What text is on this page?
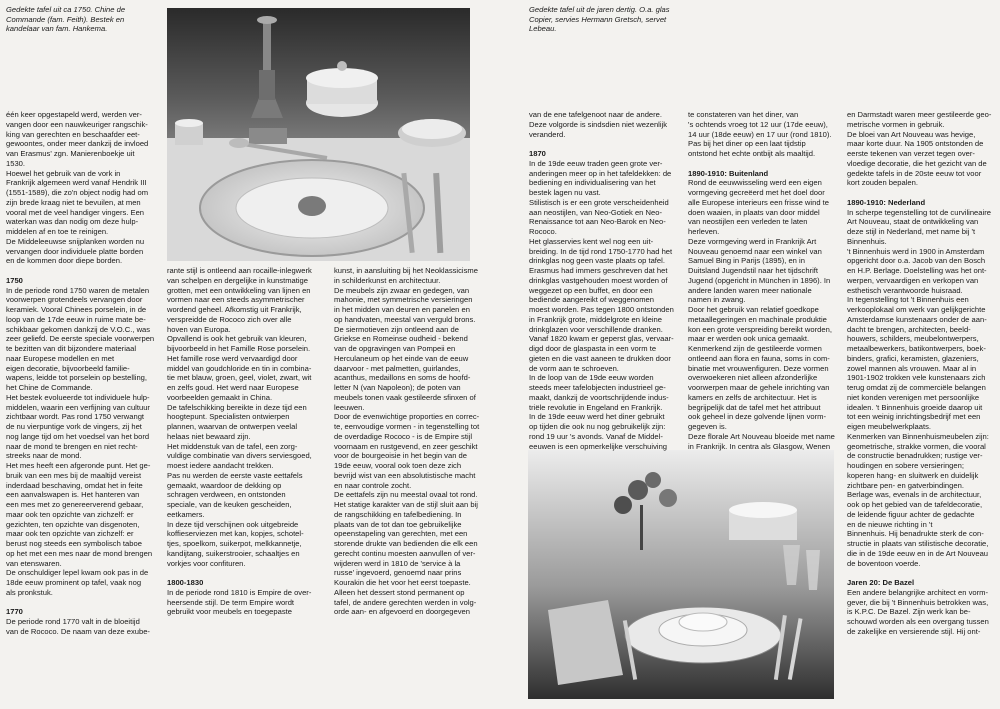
Gedekte tafel uit ca 1750. Chine de
Commande (fam. Feith). Bestek en
kandelaar van fam. Hankema.
Gedekte tafel uit de jaren dertig. O.a. glas
Copier, servies Hermann Gretsch, servet
Lebeau.
één keer opgestapeld werd, werden ver-
vangen door een nauwkeuriger rangschik-
king van gerechten en beschaafder eet-
gewoontes, onder meer dankzij de invloed
van Erasmus' zgn. Manierenboekje uit
1530.
Hoewel het gebruik van de vork in
Frankrijk algemeen werd vanaf Hendrik III
(1551-1589), die zo'n object nodig had om
zijn brede kraag niet te bevuilen, at men
vooral met de veel handiger vingers. Een
waterkan was dan nodig om deze hulp-
middelen af en toe te reinigen.
De Middeleeuwse snijplanken worden nu
vervangen door individuele platte borden
en de kommen door diepe borden.
1750
In de periode rond 1750 waren de metalen
voorwerpen grotendeels vervangen door
keramiek. Vooral Chinees porselein, in de
loop van de 17de eeuw in ruime mate be-
schikbaar gekomen dankzij de V.O.C., was
zeer geliefd. De eerste speciale voorwerpen
te bezitten van dit bijzondere materiaal
naar Europese modellen en met
eigen decoratie, bijvoorbeeld familie-
wapens, leidde tot porselein op bestelling,
het Chine de Commande.
Het bestek evolueerde tot individuele hulp-
middelen, waarin een verfijning van cultuur
zichtbaar wordt. Pas rond 1750 verwangt
de nu vierpuntige vork de vingers, zij het
nog lange tijd om het voedsel van het bord
naar de mond te brengen en niet recht-
streeks naar de mond.
Het mes heeft een afgeronde punt. Het ge-
bruik van een mes bij de maaltijd vereist
inderdaad beschaving, omdat het in feite
een aanvalswapen is. Het hanteren van
een mes met zo genereerverend gebaar,
maar ook ten opzichte van zichzelf: er
gezichten, ten opzichte van disgenoten,
maar ook ten opzichte van zichzelf: er
berust nog steeds een symbolisch taboe
op het met een mes naar de mond brengen
van etenswaren.
De onschuldiger lepel kwam ook pas in de
18de eeuw prominent op tafel, vaak nog
als pronkstuk.
1770
De periode rond 1770 valt in de bloeitijd
van de Rococo. De naam van deze exube-
rante stijl is ontleend aan rocaille-inlegwerk
van schelpen en dergelijke in kunstmatige
grotten, met een ontwikkeling van lijnen en
vormen naar een steeds asymmetrischer
wordend geheel. Afkomstig uit Frankrijk,
verspreidde de Rococo zich over alle
hoven van Europa.
Opvallend is ook het gebruik van kleuren,
bijvoorbeeld in het Famille Rose porselein.
Het famille rose werd vervaardigd door
middel van goudchloride en tin in combina-
tie met blauw, groen, geel, violet, zwart, wit
en zelfs goud. Het werd naar Europese
voorbeelden gemaakt in China.
De tafelschikking bereikte in deze tijd een
hoogtepunt. Specialisten ontwierpen
plannen, waarvan de ontwerpen veelal
helaas niet bewaard zijn.
Het middenstuk van de tafel, een zorg-
vuldige combinatie van divers serviesgoed,
moest iedere aandacht trekken.
Pas nu werden de eerste vaste eettafels
gemaakt, waardoor de dekking op
schragen verdween, en ontstonden
speciale, van de keuken gescheiden,
eetkamers.
In deze tijd verschijnen ook uitgebreide
koffieserviezen met kan, kopjes, schotel-
tjes, spoelkom, suikerpot, melkkannetje,
kandijtang, suikerstrooier, schaaltjes en
vorkjes voor confituren.
1800-1830
In de periode rond 1810 is Empire de over-
heersende stijl. De term Empire wordt
gebruikt voor meubels en toegepaste
kunst, in aansluiting bij het Neoklassicisme
in schilderkunst en architectuur.
De meubels zijn zwaar en gedegen, van
mahonie, met symmetrische versieringen
in het midden van deuren en panelen en
op handvaten, meestal van verguld brons.
De siermotieven zijn ontleend aan de
Griekse en Romeinse oudheid - bekend
van de opgravingen van Pompeii en
Herculaneum op het einde van de eeuw
daarvoor - met palmetten, guirlandes,
acanthus, medaillons en soms de hoofd-
letter N (van Napoleon); de poten van
meubels tonen vaak gestileerde sfinxen of
leeuwen.
Door de evenwichtige proporties en correc-
te, eenvoudige vormen - in tegenstelling tot
de overdadige Rococo - is de Empire stijl
voornaam en rustgevend, en zeer geschikt
voor de bourgeoisie in het begin van de
19de eeuw, vooral ook toen deze zich
bevrijd wist van een absolutistische macht
en naar controle zocht.
De eettafels zijn nu meestal ovaal tot rond.
Het statige karakter van de stijl sluit aan bij
de rangschikking en tafelbediening. In
plaats van de tot dan toe gebruikelijke
opeenstapeling van gerechten, met een
storende drukte van bedienden die elk een
gerecht continu moesten aanvullen of ver-
wijderen werd in 1810 de 'service à la
russe' ingevoerd, genoemd naar prins
Kourakin die het voor het eerst toepaste.
Alleen het dessert stond permanent op
tafel, de andere gerechten werden in volg-
orde aan- en afgevoerd en doorgegeven
van de ene tafelgenoot naar de andere.
Deze volgorde is sindsdien niet wezenlijk
veranderd.
1870
In de 19de eeuw traden geen grote ver-
anderingen meer op in het tafeldekken: de
bediening en individualisering van het
bestek lagen nu vast.
Stilistisch is er een grote verscheidenheid
aan neostijlen, van Neo-Gotiek en Neo-
Renaissance tot aan Neo-Barok en Neo-
Rococo.
Het glasservies kent wel nog een uit-
breiding. In de tijd rond 1750-1770 had het
drinkglas nog geen vaste plaats op tafel.
Erasmus had immers geschreven dat het
drinkglas vastgehouden moest worden of
weggezet op een buffet, en door een
bediende aangereikt of weggenomen
moest worden. Pas tegen 1800 ontstonden
in Frankrijk grote, middelgrote en kleine
drinkglazen voor verschillende dranken.
Vanaf 1820 kwam er geperst glas, vervaar-
digd door de glaspasta in een vorm te
gieten en die vast aaneen te drukken door
de vorm aan te schroeven.
In de loop van de 19de eeuw worden
steeds meer tafelobjecten industrieel ge-
maakt, dankzij de voortschrijdende indus-
triële revolutie in Engeland en Frankrijk.
In de 19de eeuw werd het diner gebruikt
op tijden die ook nu nog gebruikelijk zijn:
rond 19 uur 's avonds. Vanaf de Middel-
eeuwen is een opmerkelijke verschuiving
te constateren van het diner, van
's ochtends vroeg tot 12 uur (17de eeuw),
14 uur (18de eeuw) en 17 uur (rond 1810).
Pas bij het diner op een laat tijdstip
ontstond het echte ontbijt als maaltijd.
1890-1910: Buitenland
Rond de eeuwwisseling werd een eigen
vormgeving gecreëerd met het doel door
alle Europese interieurs een frisse wind te
doen waaien, in plaats van door middel
van neostijlen een verleden te laten
herleven.
Deze vormgeving werd in Frankrijk Art
Nouveau genoemd naar een winkel van
Samuel Bing in Parijs (1895), en in
Duitsland Jugendstil naar het tijdschrift
Jugend (opgericht in München in 1896). In
andere landen waren meer nationale
namen in zwang.
Door het gebruik van relatief goedkope
metaallegeringen en machinale produktie
kon een grote verspreiding bereikt worden,
maar er werden ook unica gemaakt.
Kenmerkend zijn de gestileerde vormen
ontleend aan flora en fauna, soms in com-
binatie met vrouwenfiguren. Deze vormen
overwoekeren niet alleen afzonderlijke
voorwerpen maar de gehele inrichting van
kamers en zelfs de architectuur. Het is
begrijpelijk dat de tafel met het attribuut
ook geheel in deze golvende lijnen vorm-
gegeven is.
Deze florale Art Nouveau bloeide met name
in Frankrijk. In centra als Glasgow, Wenen
en Darmstadt waren meer gestileerde geo-
metrische vormen in gebruik.
De bloei van Art Nouveau was hevige,
maar korte duur. Na 1905 ontstonden de
eerste tekenen van verzet tegen over-
vloedige decoratie, die het gezicht van de
gedekte tafels in de 20ste eeuw tot voor
kort zouden bepalen.
1890-1910: Nederland
In scherpe tegenstelling tot de curvilineaire
Art Nouveau, staat de ontwikkeling van
deze stijl in Nederland, met name bij 't
Binnenhuis.
't Binnenhuis werd in 1900 in Amsterdam
opgericht door o.a. Jacob van den Bosch
en H.P. Berlage. Doelstelling was het ont-
werpen, vervaardigen en verkopen van
esthetisch verantwoorde huisraad.
In tegenstelling tot 't Binnenhuis een
verkooplokaal om werk van gelijkgerichte
Amsterdamse kunstenaars onder de aan-
dacht te brengen, architecten, beeld-
houwers, schilders, meubelontwerpers,
metaalbewerkers, batikontwerpers, boek-
binders, grafici, keramisten, glazeniers,
zowel mannen als vrouwen. Maar al in
1901-1902 trokken vele kunstenaars zich
terug omdat zij de commerciële belangen
niet konden verenigen met persoonlijke
idealen. 't Binnenhuis groeide daarop uit
tot een weinig inrichtingsbedrijf met een
eigen meubelwerkplaats.
Kenmerken van Binnenhuismeubelen zijn:
geometrische, strakke vormen, die vooral
de constructie benadrukken; rustige ver-
houdingen en sobere versieringen;
koperen hang- en sluitwerk en duidelijk
zichtbare pen- en gatverbindingen.
Berlage was, evenals in de architectuur,
ook op het gebied van de tafeldecoratie,
de leidende figuur achter de gedachte
en de nieuwe richting in 't
Binnenhuis. Hij benadrukte sterk de con-
structie in plaats van stilistische decoratie,
die in de 19de eeuw en in de Art Nouveau
de boventoon voerde.
Jaren 20: De Bazel
Een andere belangrijke architect en vorm-
gever, die bij 't Binnenhuis betrokken was,
is K.P.C. De Bazel. Zijn werk kan be-
schouwd worden als een overgang tussen
de zakelijke en versierende stijl. Hij ont-
